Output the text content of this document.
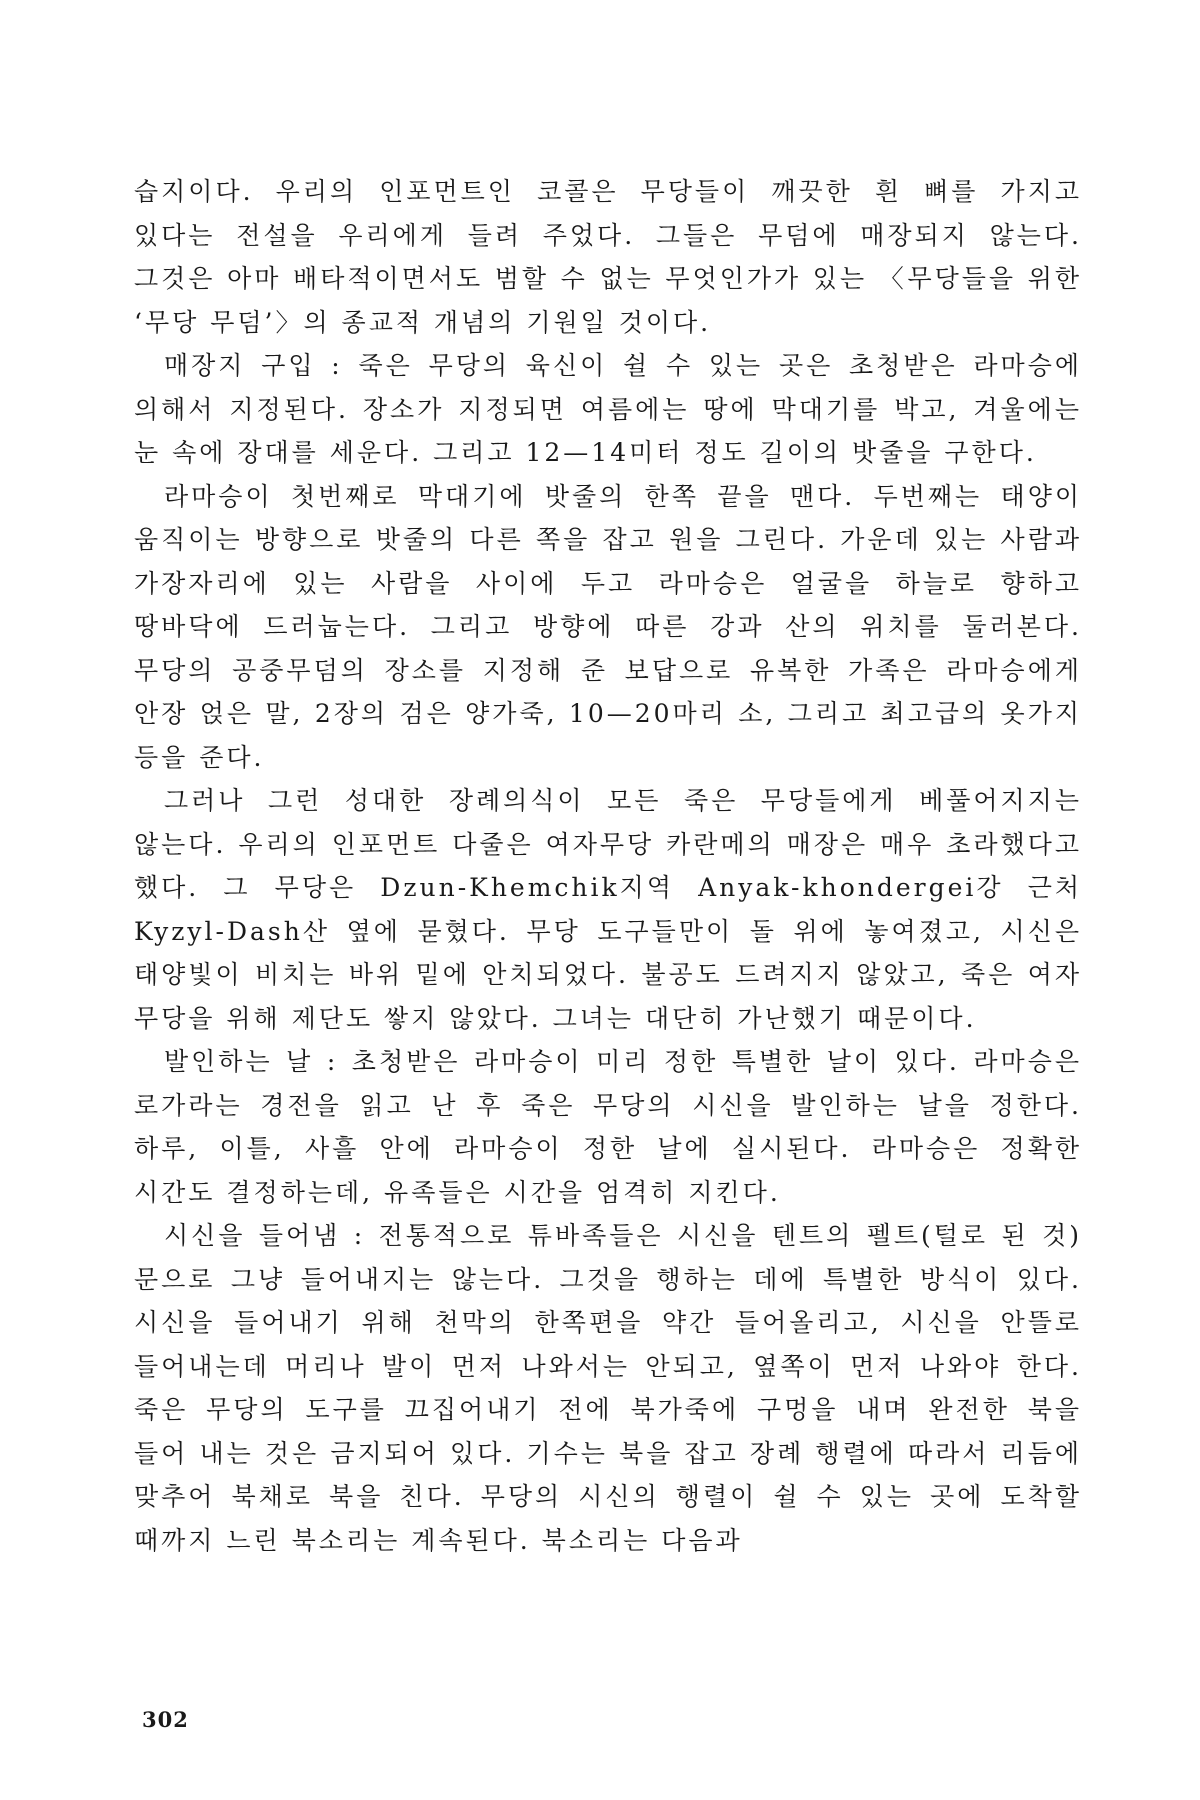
습지이다. 우리의 인포먼트인 코콜은 무당들이 깨끗한 흰 뼈를 가지고 있다는 전설을 우리에게 들려 주었다. 그들은 무덤에 매장되지 않는다. 그것은 아마 배타적이면서도 범할 수 없는 무엇인가가 있는 〈무당들을 위한 ‘무당 무덤’〉의 종교적 개념의 기원일 것이다.

매장지 구입 : 죽은 무당의 육신이 쉴 수 있는 곳은 초청받은 라마승에 의해서 지정된다. 장소가 지정되면 여름에는 땅에 막대기를 박고, 겨울에는 눈 속에 장대를 세운다. 그리고 12—14미터 정도 길이의 밧줄을 구한다.

라마승이 첫번째로 막대기에 밧줄의 한쪽 끝을 맨다. 두번째는 태양이 움직이는 방향으로 밧줄의 다른 쪽을 잡고 원을 그린다. 가운데 있는 사람과 가장자리에 있는 사람을 사이에 두고 라마승은 얼굴을 하늘로 향하고 땅바닥에 드러눕는다. 그리고 방향에 따른 강과 산의 위치를 둘러본다. 무당의 공중무덤의 장소를 지정해 준 보답으로 유복한 가족은 라마승에게 안장 얹은 말, 2장의 검은 양가죽, 10—20마리 소, 그리고 최고급의 옷가지 등을 준다.

그러나 그런 성대한 장례의식이 모든 죽은 무당들에게 베풀어지지는 않는다. 우리의 인포먼트 다줄은 여자무당 카란메의 매장은 매우 초라했다고 했다. 그 무당은 Dzun-Khemchik지역 Anyak-khondergei강 근처 Kyzyl-Dash산 옆에 묻혔다. 무당 도구들만이 돌 위에 놓여졌고, 시신은 태양빛이 비치는 바위 밑에 안치되었다. 불공도 드려지지 않았고, 죽은 여자 무당을 위해 제단도 쌓지 않았다. 그녀는 대단히 가난했기 때문이다.

발인하는 날 : 초청받은 라마승이 미리 정한 특별한 날이 있다. 라마승은 로가라는 경전을 읽고 난 후 죽은 무당의 시신을 발인하는 날을 정한다. 하루, 이틀, 사흘 안에 라마승이 정한 날에 실시된다. 라마승은 정확한 시간도 결정하는데, 유족들은 시간을 엄격히 지킨다.

시신을 들어냄 : 전통적으로 튜바족들은 시신을 텐트의 펠트(털로 된 것)문으로 그냥 들어내지는 않는다. 그것을 행하는 데에 특별한 방식이 있다. 시신을 들어내기 위해 천막의 한쪽편을 약간 들어올리고, 시신을 안뜰로 들어내는데 머리나 발이 먼저 나와서는 안되고, 옆쪽이 먼저 나와야 한다. 죽은 무당의 도구를 끄집어내기 전에 북가죽에 구멍을 내며 완전한 북을 들어 내는 것은 금지되어 있다. 기수는 북을 잡고 장례 행렬에 따라서 리듬에 맞추어 북채로 북을 친다. 무당의 시신의 행렬이 쉴 수 있는 곳에 도착할 때까지 느린 북소리는 계속된다. 북소리는 다음과

302
